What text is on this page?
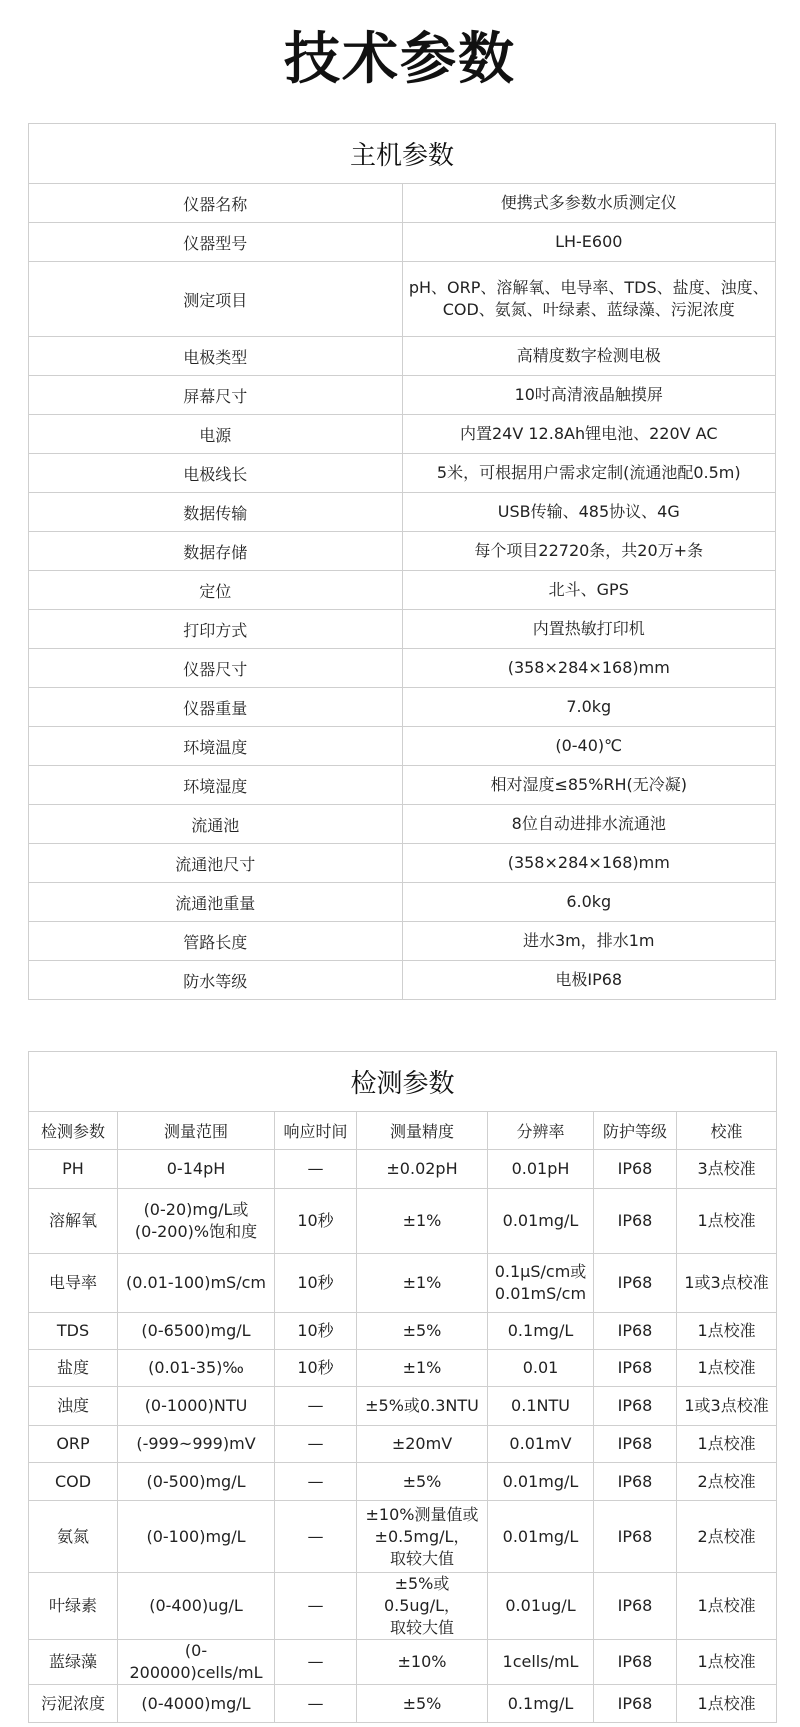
技术参数
主机参数	
仪器名称	便携式多参数水质测定仪
仪器型号	LH-E600
测定项目	pH、ORP、溶解氧、电导率、TDS、盐度、浊度、
COD、氨氮、叶绿素、蓝绿藻、污泥浓度
电极类型	高精度数字检测电极
屏幕尺寸	10吋高清液晶触摸屏
电源	内置24V 12.8Ah锂电池、220V AC
电极线长	5米，可根据用户需求定制(流通池配0.5m)
数据传输	USB传输、485协议、4G
数据存储	每个项目22720条，共20万+条
定位	北斗、GPS
打印方式	内置热敏打印机
仪器尺寸	(358×284×168)mm
仪器重量	7.0kg
环境温度	(0-40)℃
环境湿度	相对湿度≤85%RH(无冷凝)
流通池	8位自动进排水流通池
流通池尺寸	(358×284×168)mm
流通池重量	6.0kg
管路长度	进水3m，排水1m
防水等级	电极IP68
检测参数						
检测参数	测量范围	响应时间	测量精度	分辨率	防护等级	校准
PH	0-14pH	—	±0.02pH	0.01pH	IP68	3点校准
溶解氧	(0-20)mg/L或
(0-200)%饱和度	10秒	±1%	0.01mg/L	IP68	1点校准
电导率	(0.01-100)mS/cm	10秒	±1%	0.1μS/cm或
0.01mS/cm	IP68	1或3点校准
TDS	(0-6500)mg/L	10秒	±5%	0.1mg/L	IP68	1点校准
盐度	(0.01-35)‰	10秒	±1%	0.01	IP68	1点校准
浊度	(0-1000)NTU	—	±5%或0.3NTU	0.1NTU	IP68	1或3点校准
ORP	(-999~999)mV	—	±20mV	0.01mV	IP68	1点校准
COD	(0-500)mg/L	—	±5%	0.01mg/L	IP68	2点校准
氨氮	(0-100)mg/L	—	±10%测量值或
±0.5mg/L，
取较大值	0.01mg/L	IP68	2点校准
叶绿素	(0-400)ug/L	—	±5%或0.5ug/L，
取较大值	0.01ug/L	IP68	1点校准
蓝绿藻	(0-200000)cells/mL	—	±10%	1cells/mL	IP68	1点校准
污泥浓度	(0-4000)mg/L	—	±5%	0.1mg/L	IP68	1点校准
